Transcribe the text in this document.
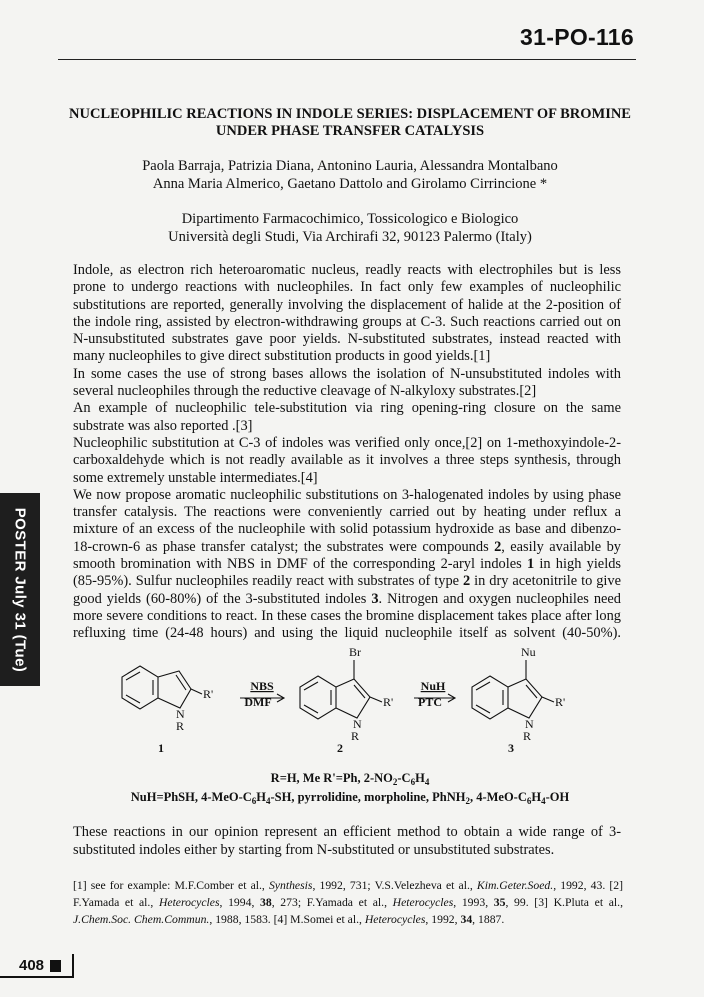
31-PO-116
NUCLEOPHILIC REACTIONS IN INDOLE SERIES: DISPLACEMENT OF BROMINE UNDER PHASE TRANSFER CATALYSIS
Paola Barraja, Patrizia Diana, Antonino Lauria, Alessandra Montalbano
Anna Maria Almerico, Gaetano Dattolo and Girolamo Cirrincione *
Dipartimento Farmacochimico, Tossicologico e Biologico
Università degli Studi, Via Archirafi 32, 90123 Palermo (Italy)

Indole, as electron rich heteroaromatic nucleus, readly reacts with electrophiles but is less prone to undergo reactions with nucleophiles. In fact only few examples of nucleophilic substitutions are reported, generally involving the displacement of halide at the 2-position of the indole ring, assisted by electron-withdrawing groups at C-3. Such reactions carried out on N-unsubstituted substrates gave poor yields. N-substituted substrates, instead reacted with many nucleophiles to give direct substitution products in good yields.[1]

In some cases the use of strong bases allows the isolation of N-unsubstituted indoles with several nucleophiles through the reductive cleavage of N-alkyloxy substrates.[2]

An example of nucleophilic tele-substitution via ring opening-ring closure on the same substrate was also reported .[3]

Nucleophilic substitution at C-3 of indoles was verified only once,[2] on 1-methoxyindole-2-carboxaldehyde which is not readly available as it involves a three steps synthesis, through some extremely unstable intermediates.[4]

We now propose aromatic nucleophilic substitutions on 3-halogenated indoles by using phase transfer catalysis. The reactions were conveniently carried out by heating under reflux a mixture of an excess of the nucleophile with solid potassium hydroxide as base and dibenzo-18-crown-6 as phase transfer catalyst; the substrates were compounds 2, easily available by smooth bromination with NBS in DMF of the corresponding 2-aryl indoles 1 in high yields (85-95%). Sulfur nucleophiles readily react with substrates of type 2 in dry acetonitrile to give good yields (60-80%) of the 3-substituted indoles 3. Nitrogen and oxygen nucleophiles need more severe conditions to react. In these cases the bromine displacement takes place after long refluxing time (24-48 hours) and using the liquid nucleophile itself as solvent (40-50%).

POSTER July 31 (Tue)
R'
N
R
1
NBS
DMF
Br
R'
N
R
2
NuH
PTC
Nu
R'
N
R
3
R=H, Me R'=Ph, $2-NO_2-C_6H_4$
NuH=PhSH, $4-MeO-C_6H_4-SH$, pyrrolidine, morpholine, PhNH$_2$, $4-MeO-C_6H_4-OH$
These reactions in our opinion represent an efficient method to obtain a wide range of 3-substituted indoles either by starting from N-substituted or unsubstituted substrates.
[1] see for example: M.F.Comber et al., Synthesis, 1992, 731; V.S.Velezheva et al., Kim.Geter.Soed., 1992, 43. [2] F.Yamada et al., Heterocycles, 1994, 38, 273; F.Yamada et al., Heterocycles, 1993, 35, 99. [3] K.Pluta et al., J.Chem.Soc. Chem.Commun., 1988, 1583. [4] M.Somei et al., Heterocycles, 1992, 34, 1887.
408
